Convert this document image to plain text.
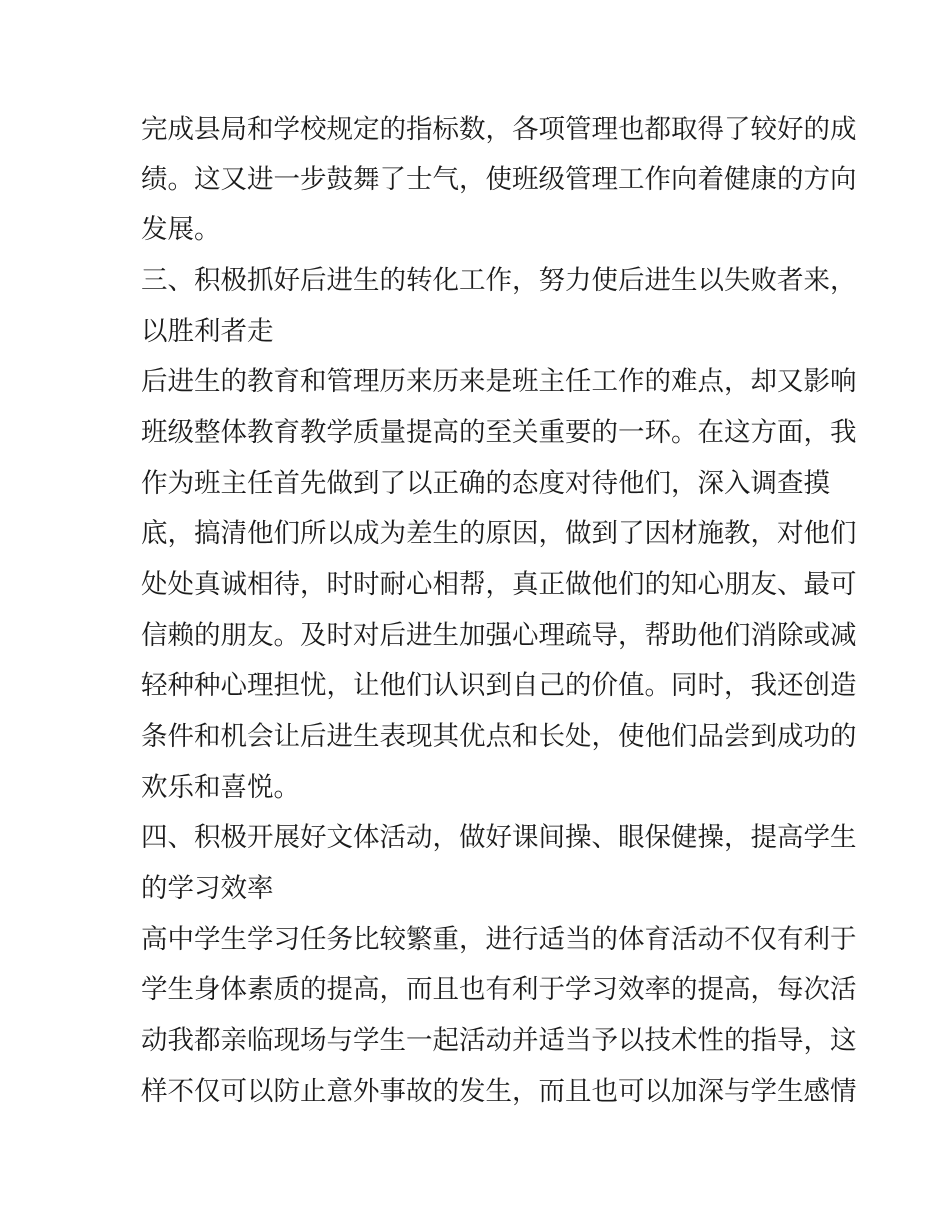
完成县局和学校规定的指标数，各项管理也都取得了较好的成
绩。这又进一步鼓舞了士气，使班级管理工作向着健康的方向
发展。
三、积极抓好后进生的转化工作，努力使后进生以失败者来，
以胜利者走
后进生的教育和管理历来历来是班主任工作的难点，却又影响
班级整体教育教学质量提高的至关重要的一环。在这方面，我
作为班主任首先做到了以正确的态度对待他们，深入调查摸
底，搞清他们所以成为差生的原因，做到了因材施教，对他们
处处真诚相待，时时耐心相帮，真正做他们的知心朋友、最可
信赖的朋友。及时对后进生加强心理疏导，帮助他们消除或减
轻种种心理担忧，让他们认识到自己的价值。同时，我还创造
条件和机会让后进生表现其优点和长处，使他们品尝到成功的
欢乐和喜悦。
四、积极开展好文体活动，做好课间操、眼保健操，提高学生
的学习效率
高中学生学习任务比较繁重，进行适当的体育活动不仅有利于
学生身体素质的提高，而且也有利于学习效率的提高，每次活
动我都亲临现场与学生一起活动并适当予以技术性的指导，这
样不仅可以防止意外事故的发生，而且也可以加深与学生感情
